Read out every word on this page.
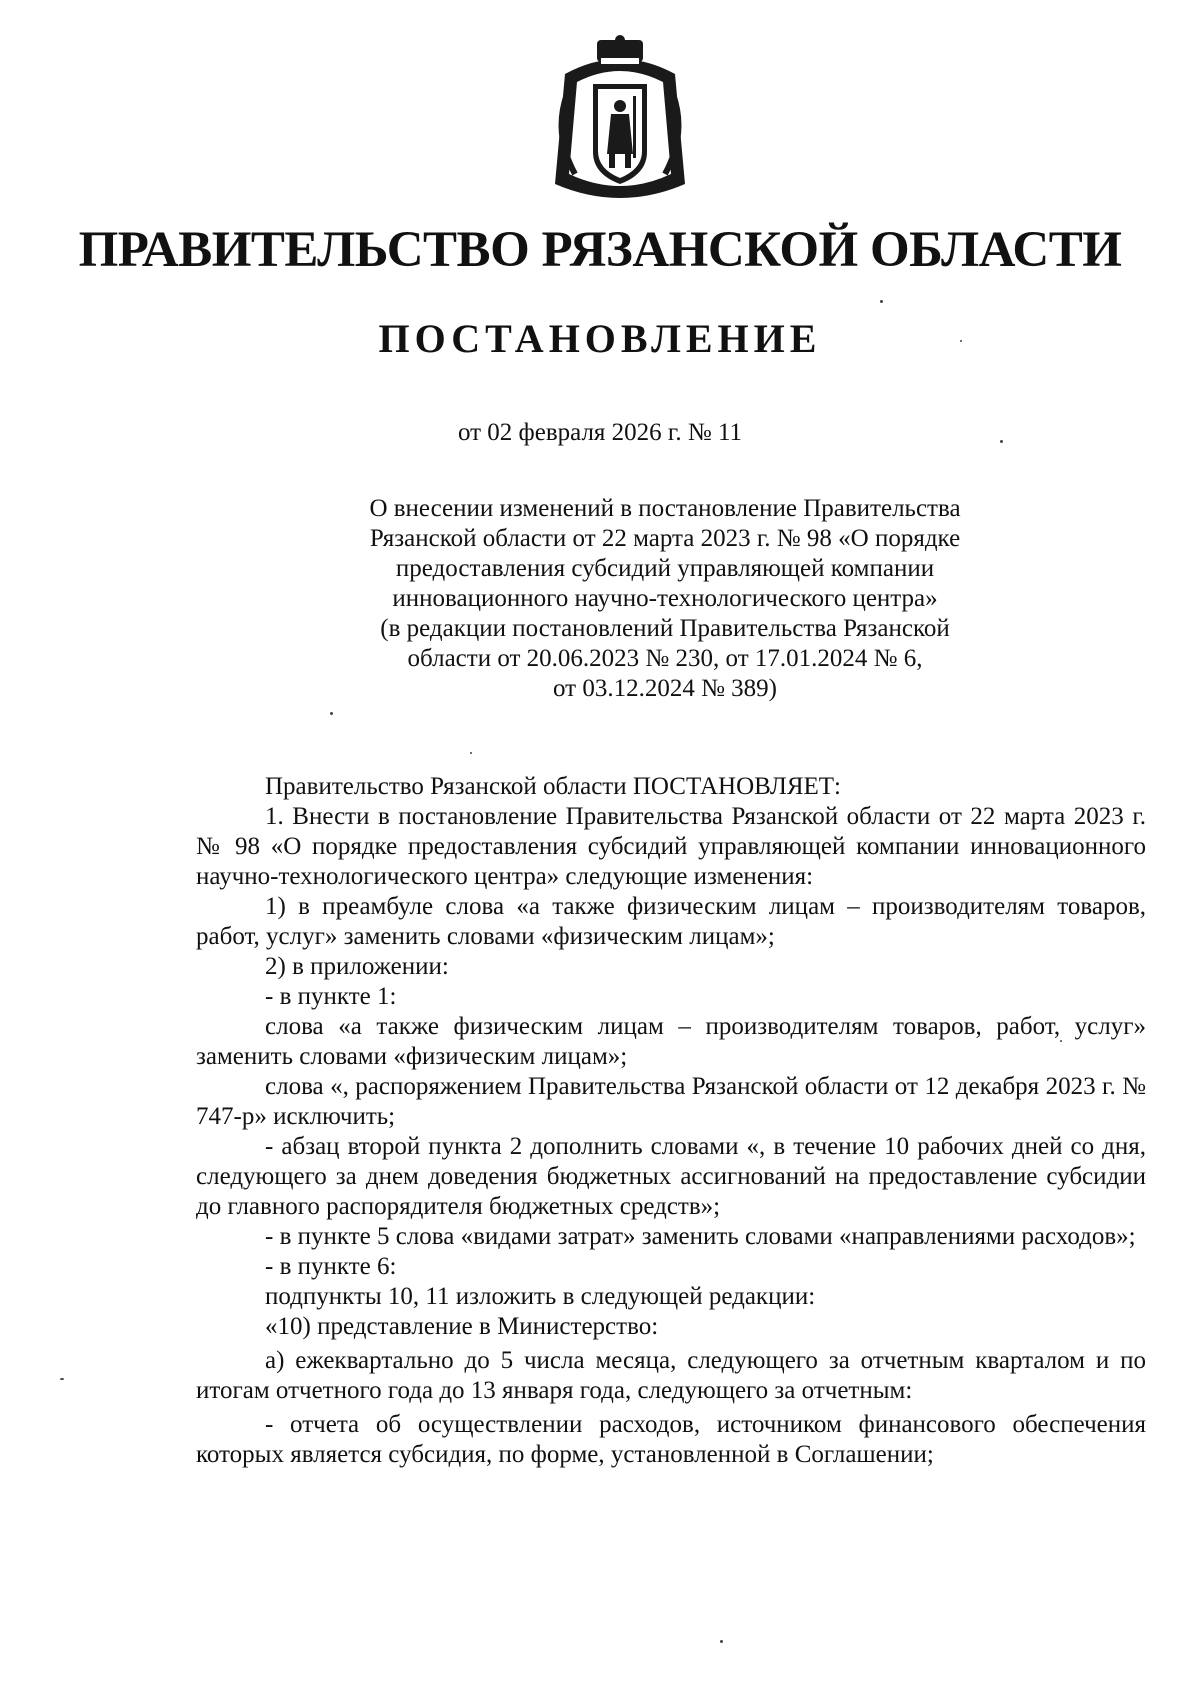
ПРАВИТЕЛЬСТВО РЯЗАНСКОЙ ОБЛАСТИ
ПОСТАНОВЛЕНИЕ
от 02 февраля 2026 г. № 11
О внесении изменений в постановление Правительства
Рязанской области от 22 марта 2023 г. № 98 «О порядке
предоставления субсидий управляющей компании
инновационного научно-технологического центра»
(в редакции постановлений Правительства Рязанской
области от 20.06.2023 № 230, от 17.01.2024 № 6,
от 03.12.2024 № 389)

Правительство Рязанской области ПОСТАНОВЛЯЕТ:

1. Внести в постановление Правительства Рязанской области от 22 марта 2023 г. № 98 «О порядке предоставления субсидий управляющей компании инновационного научно-технологического центра» следующие изменения:

1) в преамбуле слова «а также физическим лицам – производителям товаров, работ, услуг» заменить словами «физическим лицам»;

2) в приложении:

- в пункте 1:

слова «а также физическим лицам – производителям товаров, работ, услуг» заменить словами «физическим лицам»;

слова «, распоряжением Правительства Рязанской области от 12 декабря 2023 г. № 747-р» исключить;

- абзац второй пункта 2 дополнить словами «, в течение 10 рабочих дней со дня, следующего за днем доведения бюджетных ассигнований на предоставление субсидии до главного распорядителя бюджетных средств»;

- в пункте 5 слова «видами затрат» заменить словами «направлениями расходов»;

- в пункте 6:

подпункты 10, 11 изложить в следующей редакции:

«10) представление в Министерство:

а) ежеквартально до 5 числа месяца, следующего за отчетным кварталом и по итогам отчетного года до 13 января года, следующего за отчетным:

- отчета об осуществлении расходов, источником финансового обеспечения которых является субсидия, по форме, установленной в Соглашении;
